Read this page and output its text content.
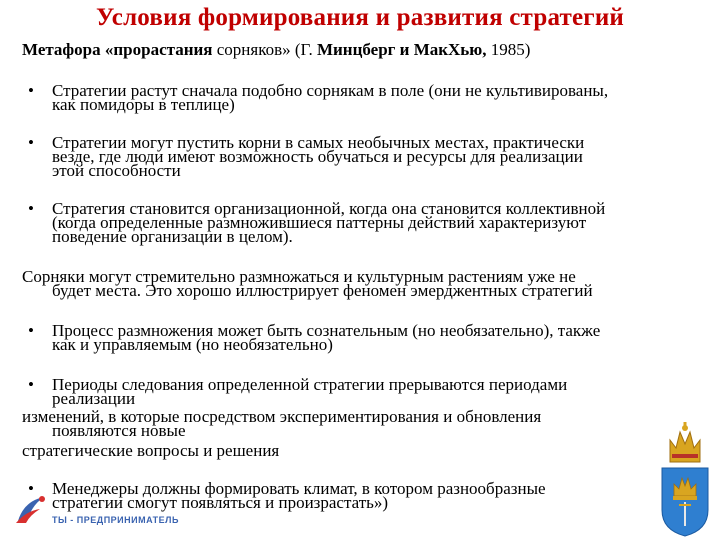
Условия формирования и развития стратегий
Метафора «прорастания сорняков» (Г. Минцберг и МакХью, 1985)
• Стратегии растут сначала подобно сорнякам в поле (они не культивированы,
как помидоры в теплице)
• Стратегии могут пустить корни в самых необычных местах, практически
везде, где люди имеют возможность обучаться и ресурсы для реализации
этой способности
• Стратегия становится организационной, когда она становится коллективной
(когда определенные размножившиеся паттерны действий характеризуют
поведение организации в целом).
Сорняки могут стремительно размножаться и культурным растениям уже не
будет места. Это хорошо иллюстрирует феномен эмерджентных стратегий
• Процесс размножения может быть сознательным (но необязательно), также
как и управляемым (но необязательно)
• Периоды следования определенной стратегии прерываются периодами
реализации
изменений, в которые посредством экспериментирования и обновления
появляются новые
стратегические вопросы и решения
• Менеджеры должны формировать климат, в котором разнообразные
стратегии смогут появляться и произрастать»)
ТЫ - ПРЕДПРИНИМАТЕЛЬ
